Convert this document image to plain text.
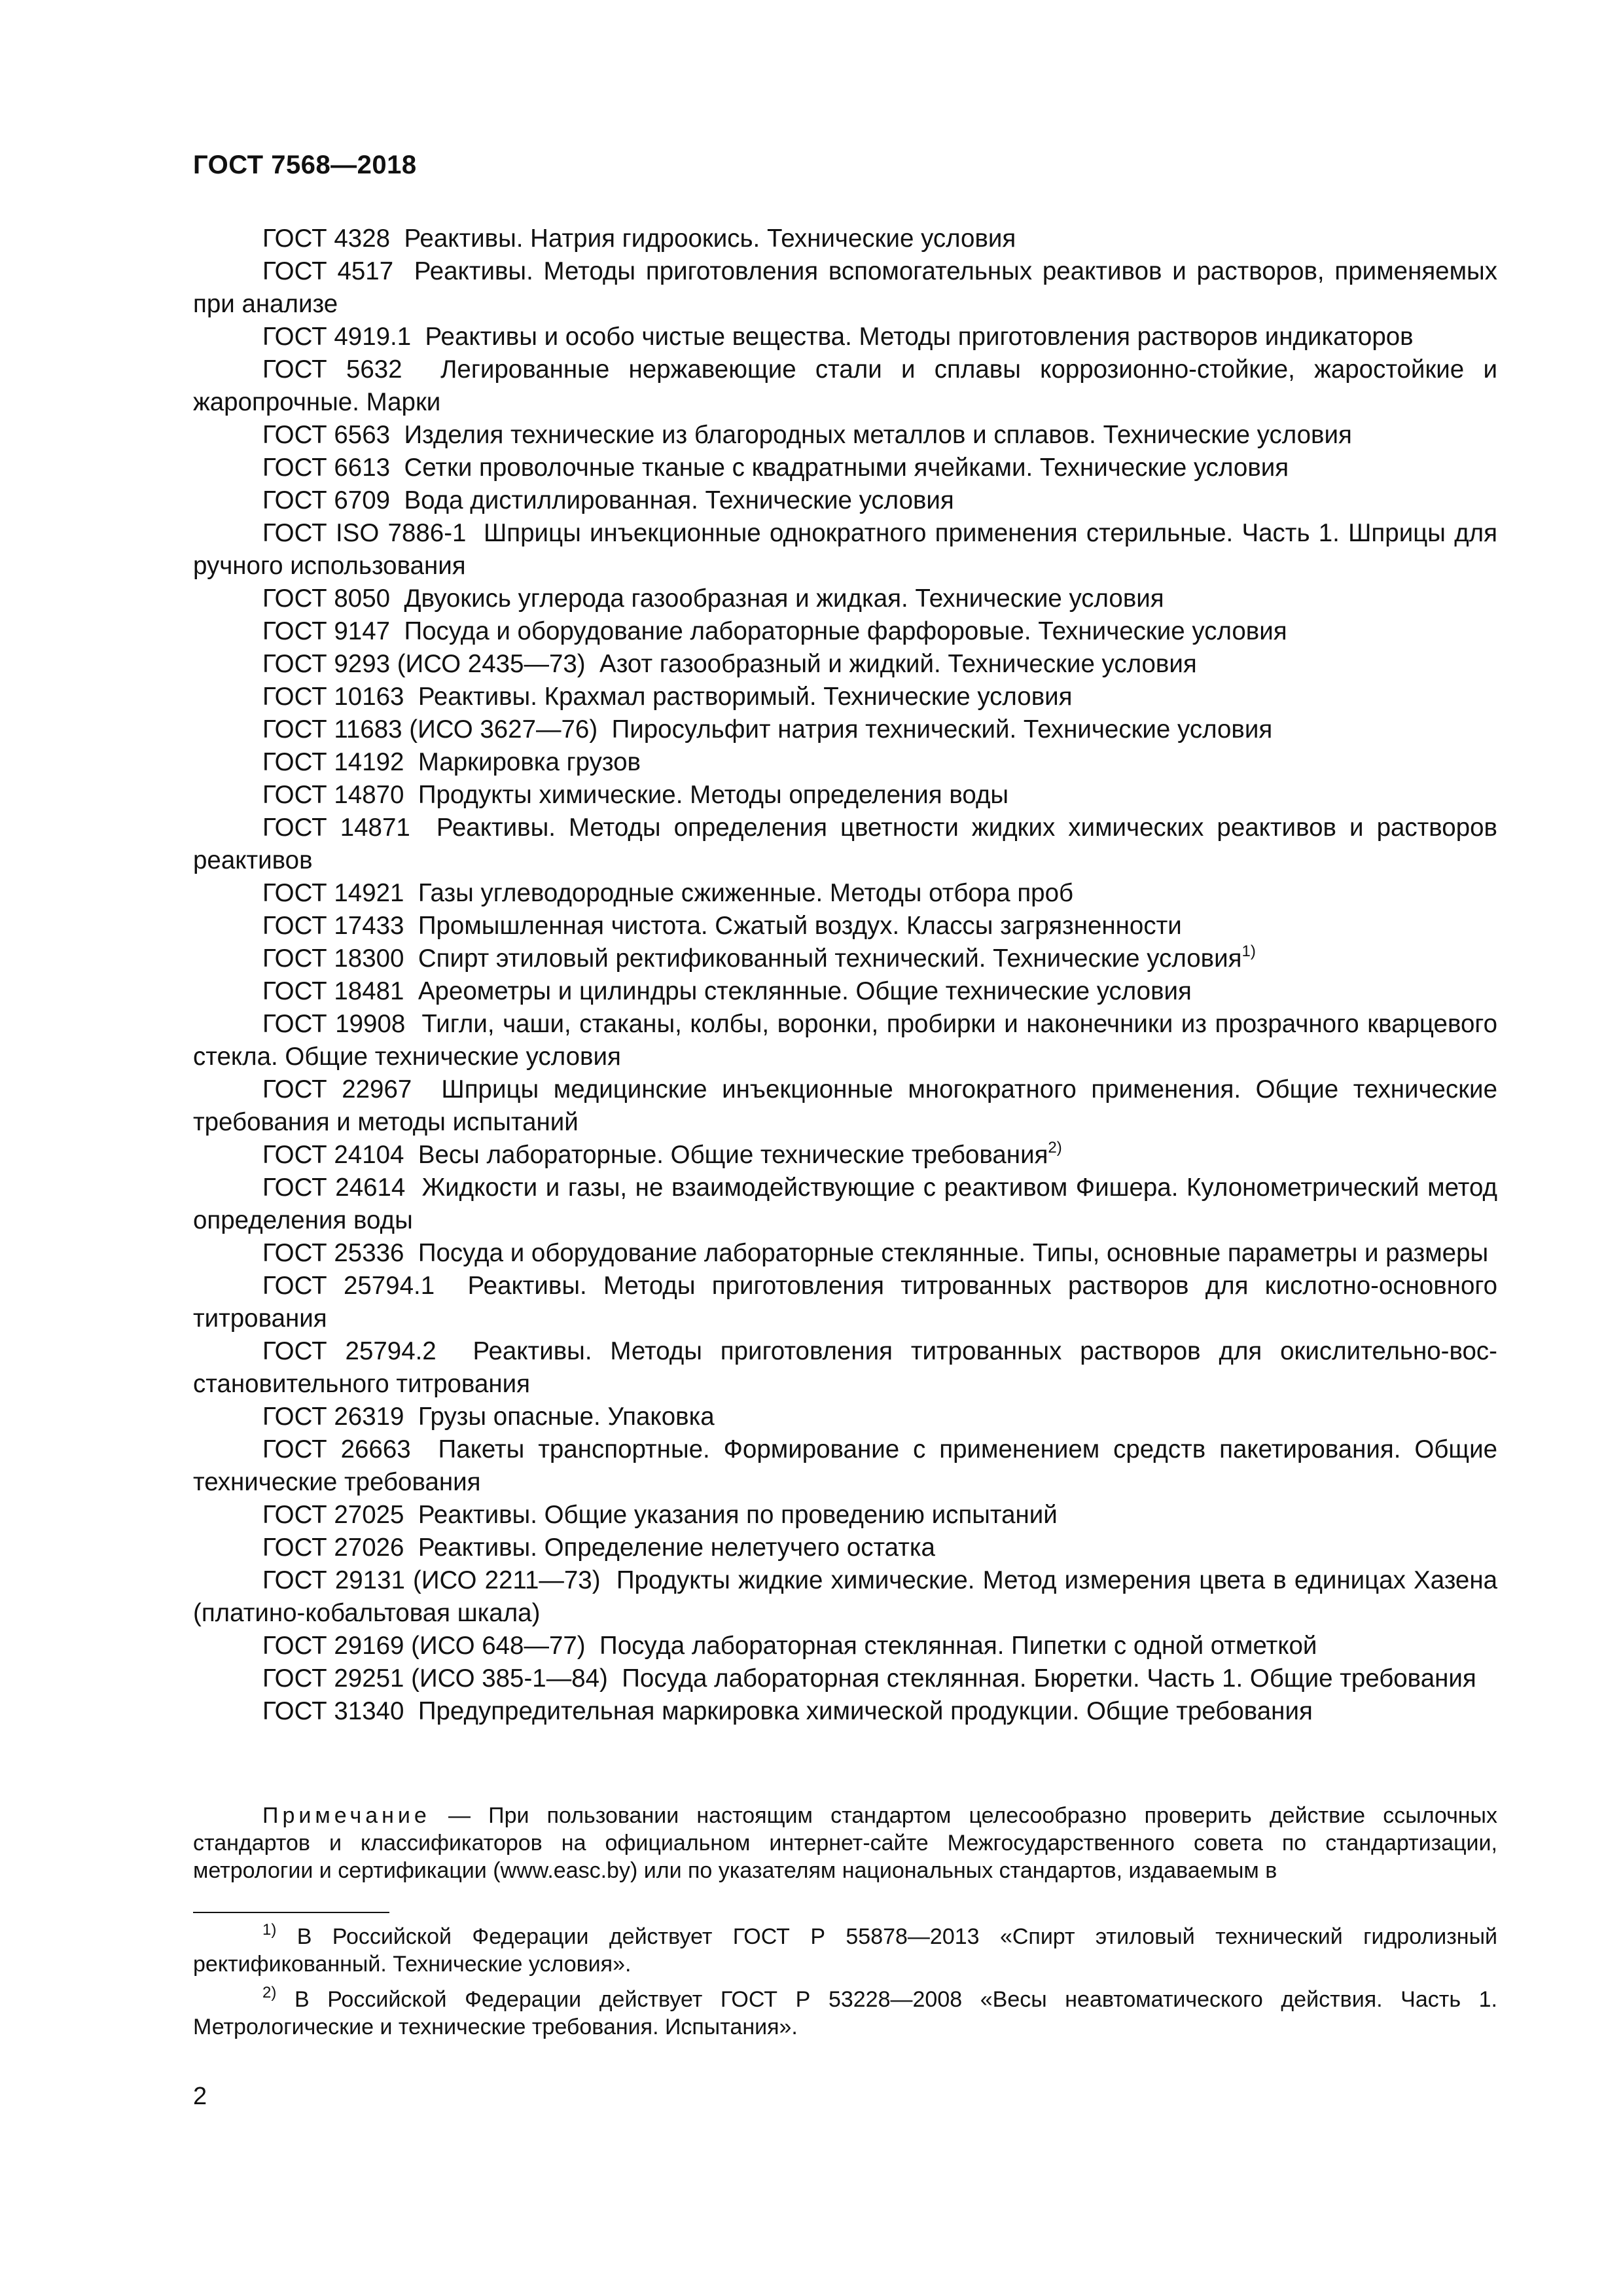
ГОСТ 7568—2018

ГОСТ 4328 Реактивы. Натрия гидроокись. Технические условия

ГОСТ 4517 Реактивы. Методы приготовления вспомогательных реактивов и растворов, применяемых при анализе

ГОСТ 4919.1 Реактивы и особо чистые вещества. Методы приготовления растворов индикаторов

ГОСТ 5632 Легированные нержавеющие стали и сплавы коррозионно-стойкие, жаростойкие и жаропрочные. Марки

ГОСТ 6563 Изделия технические из благородных металлов и сплавов. Технические условия

ГОСТ 6613 Сетки проволочные тканые с квадратными ячейками. Технические условия

ГОСТ 6709 Вода дистиллированная. Технические условия

ГОСТ ISO 7886-1 Шприцы инъекционные однократного применения стерильные. Часть 1. Шприцы для ручного использования

ГОСТ 8050 Двуокись углерода газообразная и жидкая. Технические условия

ГОСТ 9147 Посуда и оборудование лабораторные фарфоровые. Технические условия

ГОСТ 9293 (ИСО 2435—73) Азот газообразный и жидкий. Технические условия

ГОСТ 10163 Реактивы. Крахмал растворимый. Технические условия

ГОСТ 11683 (ИСО 3627—76) Пиросульфит натрия технический. Технические условия

ГОСТ 14192 Маркировка грузов

ГОСТ 14870 Продукты химические. Методы определения воды

ГОСТ 14871 Реактивы. Методы определения цветности жидких химических реактивов и растворов реактивов

ГОСТ 14921 Газы углеводородные сжиженные. Методы отбора проб

ГОСТ 17433 Промышленная чистота. Сжатый воздух. Классы загрязненности

ГОСТ 18300 Спирт этиловый ректификованный технический. Технические условия$^{1)}$

ГОСТ 18481 Ареометры и цилиндры стеклянные. Общие технические условия

ГОСТ 19908 Тигли, чаши, стаканы, колбы, воронки, пробирки и наконечники из прозрачного кварцевого стекла. Общие технические условия

ГОСТ 22967 Шприцы медицинские инъекционные многократного применения. Общие технические требования и методы испытаний

ГОСТ 24104 Весы лабораторные. Общие технические требования$^{2)}$

ГОСТ 24614 Жидкости и газы, не взаимодействующие с реактивом Фишера. Кулонометрический метод определения воды

ГОСТ 25336 Посуда и оборудование лабораторные стеклянные. Типы, основные параметры и размеры

ГОСТ 25794.1 Реактивы. Методы приготовления титрованных растворов для кислотно-основного титрования

ГОСТ 25794.2 Реактивы. Методы приготовления титрованных растворов для окислительно-восстановительного титрования

ГОСТ 26319 Грузы опасные. Упаковка

ГОСТ 26663 Пакеты транспортные. Формирование с применением средств пакетирования. Общие технические требования

ГОСТ 27025 Реактивы. Общие указания по проведению испытаний

ГОСТ 27026 Реактивы. Определение нелетучего остатка

ГОСТ 29131 (ИСО 2211—73) Продукты жидкие химические. Метод измерения цвета в единицах Хазена (платино-кобальтовая шкала)

ГОСТ 29169 (ИСО 648—77) Посуда лабораторная стеклянная. Пипетки с одной отметкой

ГОСТ 29251 (ИСО 385-1—84) Посуда лабораторная стеклянная. Бюретки. Часть 1. Общие требования

ГОСТ 31340 Предупредительная маркировка химической продукции. Общие требования

Примечание — При пользовании настоящим стандартом целесообразно проверить действие ссылочных стандартов и классификаторов на официальном интернет-сайте Межгосударственного совета по стандартизации, метрологии и сертификации (www.easc.by) или по указателям национальных стандартов, издаваемым в

$^{1)}$ В Российской Федерации действует ГОСТ Р 55878—2013 «Спирт этиловый технический гидролизный ректификованный. Технические условия».

$^{2)}$ В Российской Федерации действует ГОСТ Р 53228—2008 «Весы неавтоматического действия. Часть 1. Метрологические и технические требования. Испытания».

2
